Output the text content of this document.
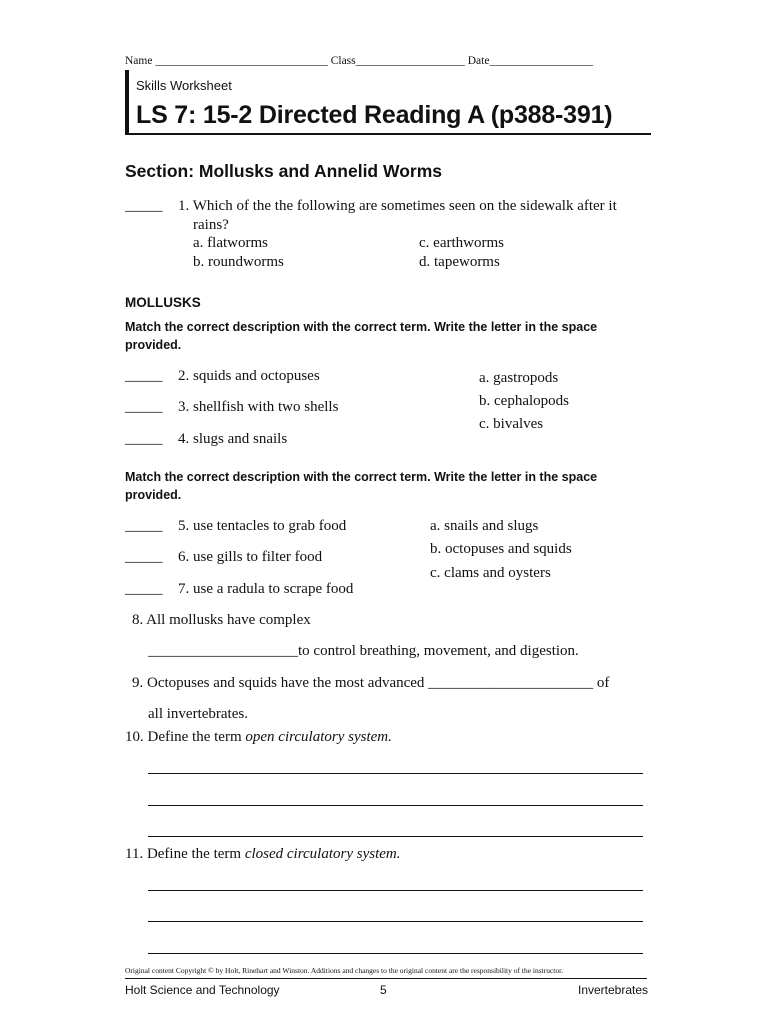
Name ______________________________ Class___________________ Date__________________
Skills Worksheet
LS 7: 15-2 Directed Reading A (p388-391)
Section: Mollusks and Annelid Worms
_____ 1. Which of the the following are sometimes seen on the sidewalk after it
rains?
a. flatworms
b. roundworms
c. earthworms
d. tapeworms
MOLLUSKS
Match the correct description with the correct term. Write the letter in the space
provided.
_____ 2. squids and octopuses
_____ 3. shellfish with two shells
_____ 4. slugs and snails
a. gastropods
b. cephalopods
c. bivalves
Match the correct description with the correct term. Write the letter in the space
provided.
_____ 5. use tentacles to grab food
_____ 6. use gills to filter food
_____ 7. use a radula to scrape food
a. snails and slugs
b. octopuses and squids
c. clams and oysters
8. All mollusks have complex
____________________to control breathing, movement, and digestion.
9. Octopuses and squids have the most advanced ______________________ of
all invertebrates.
10. Define the term open circulatory system.
11. Define the term closed circulatory system.
Original content Copyright © by Holt, Rinehart and Winston. Additions and changes to the original content are the responsibility of the instructor.
Holt Science and Technology	5	Invertebrates
